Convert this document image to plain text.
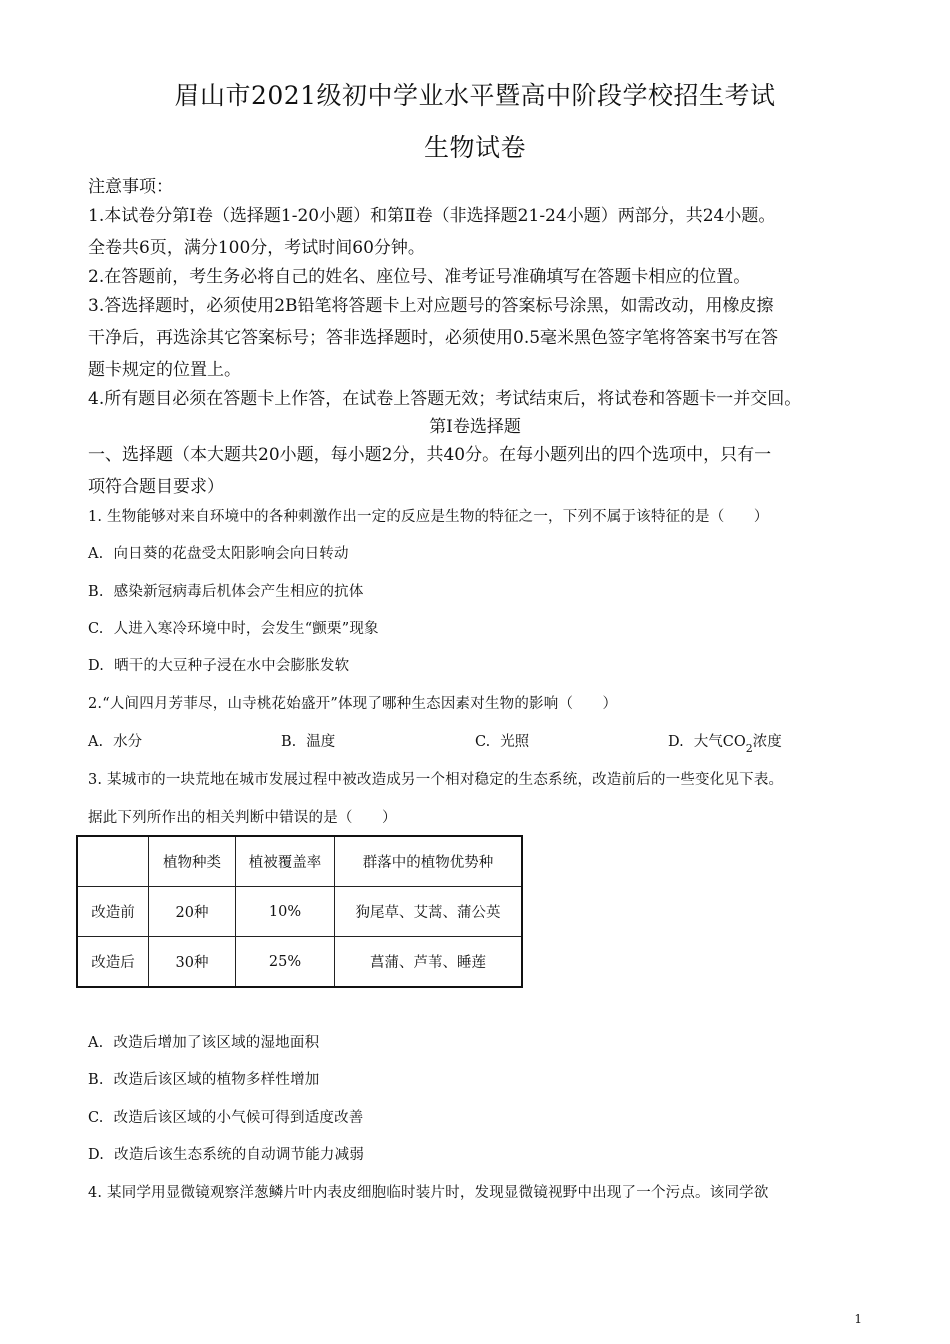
眉山市2021级初中学业水平暨高中阶段学校招生考试
生物试卷
注意事项：
1.本试卷分第Ⅰ卷（选择题1-20小题）和第Ⅱ卷（非选择题21-24小题）两部分，共24小题。
全卷共6页，满分100分，考试时间60分钟。
2.在答题前，考生务必将自己的姓名、座位号、准考证号准确填写在答题卡相应的位置。
3.答选择题时，必须使用2B铅笔将答题卡上对应题号的答案标号涂黑，如需改动，用橡皮擦
干净后，再选涂其它答案标号；答非选择题时，必须使用0.5毫米黑色签字笔将答案书写在答
题卡规定的位置上。
4.所有题目必须在答题卡上作答，在试卷上答题无效；考试结束后，将试卷和答题卡一并交回。
第Ⅰ卷选择题
一、选择题（本大题共20小题，每小题2分，共40分。在每小题列出的四个选项中，只有一
项符合题目要求）
1. 生物能够对来自环境中的各种刺激作出一定的反应是生物的特征之一，下列不属于该特征的是（　　）
A. 向日葵的花盘受太阳影响会向日转动
B. 感染新冠病毒后机体会产生相应的抗体
C. 人进入寒冷环境中时，会发生“颤栗”现象
D. 晒干的大豆种子浸在水中会膨胀发软
2.“人间四月芳菲尽，山寺桃花始盛开”体现了哪种生态因素对生物的影响（　　）
A. 水分	B. 温度	C. 光照	D. 大气$CO_2$浓度
3. 某城市的一块荒地在城市发展过程中被改造成另一个相对稳定的生态系统，改造前后的一些变化见下表。
据此下列所作出的相关判断中错误的是（　　）
	植物种类	植被覆盖率	群落中的植物优势种
改造前	20种	10%	狗尾草、艾蒿、蒲公英
改造后	30种	25%	菖蒲、芦苇、睡莲
A. 改造后增加了该区域的湿地面积
B. 改造后该区域的植物多样性增加
C. 改造后该区域的小气候可得到适度改善
D. 改造后该生态系统的自动调节能力减弱
4. 某同学用显微镜观察洋葱鳞片叶内表皮细胞临时装片时，发现显微镜视野中出现了一个污点。该同学欲
1
